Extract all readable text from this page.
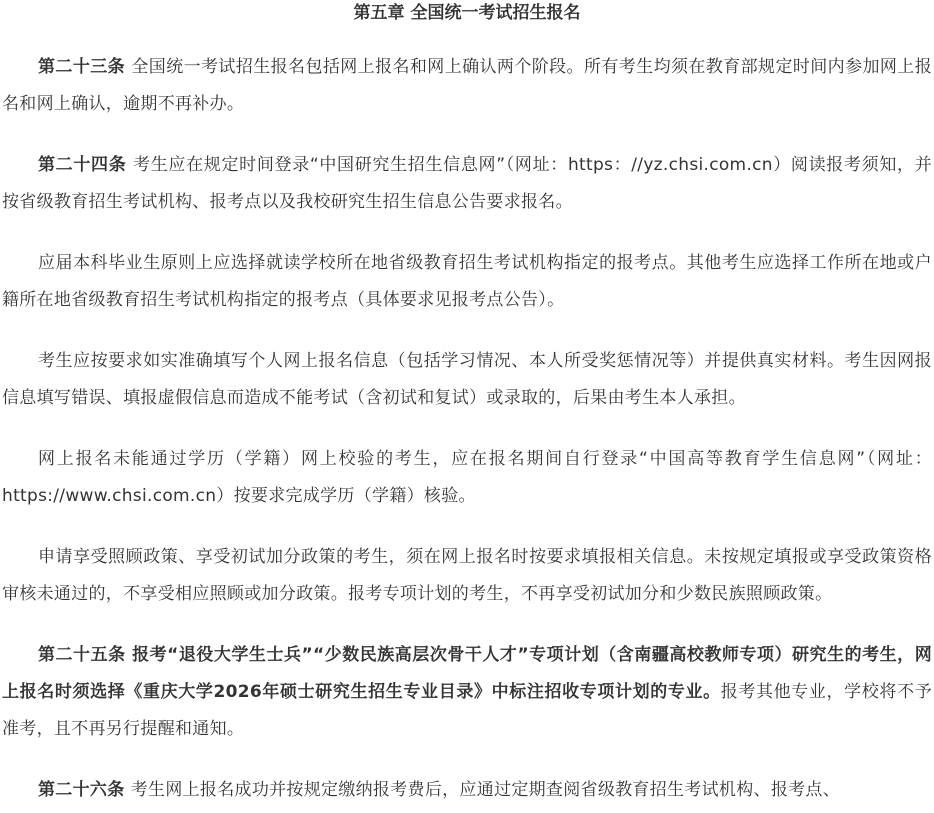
第五章 全国统一考试招生报名

第二十三条 全国统一考试招生报名包括网上报名和网上确认两个阶段。所有考生均须在教育部规定时间内参加网上报名和网上确认，逾期不再补办。

第二十四条 考生应在规定时间登录“中国研究生招生信息网”（网址：https：//yz.chsi.com.cn）阅读报考须知，并按省级教育招生考试机构、报考点以及我校研究生招生信息公告要求报名。

应届本科毕业生原则上应选择就读学校所在地省级教育招生考试机构指定的报考点。其他考生应选择工作所在地或户籍所在地省级教育招生考试机构指定的报考点（具体要求见报考点公告）。

考生应按要求如实准确填写个人网上报名信息（包括学习情况、本人所受奖惩情况等）并提供真实材料。考生因网报信息填写错误、填报虚假信息而造成不能考试（含初试和复试）或录取的，后果由考生本人承担。

网上报名未能通过学历（学籍）网上校验的考生，应在报名期间自行登录“中国高等教育学生信息网”（网址：https://www.chsi.com.cn）按要求完成学历（学籍）核验。

申请享受照顾政策、享受初试加分政策的考生，须在网上报名时按要求填报相关信息。未按规定填报或享受政策资格审核未通过的，不享受相应照顾或加分政策。报考专项计划的考生，不再享受初试加分和少数民族照顾政策。

第二十五条 报考“退役大学生士兵”“少数民族高层次骨干人才”专项计划（含南疆高校教师专项）研究生的考生，网上报名时须选择《重庆大学2026年硕士研究生招生专业目录》中标注招收专项计划的专业。报考其他专业，学校将不予准考，且不再另行提醒和通知。

第二十六条 考生网上报名成功并按规定缴纳报考费后，应通过定期查阅省级教育招生考试机构、报考点、
